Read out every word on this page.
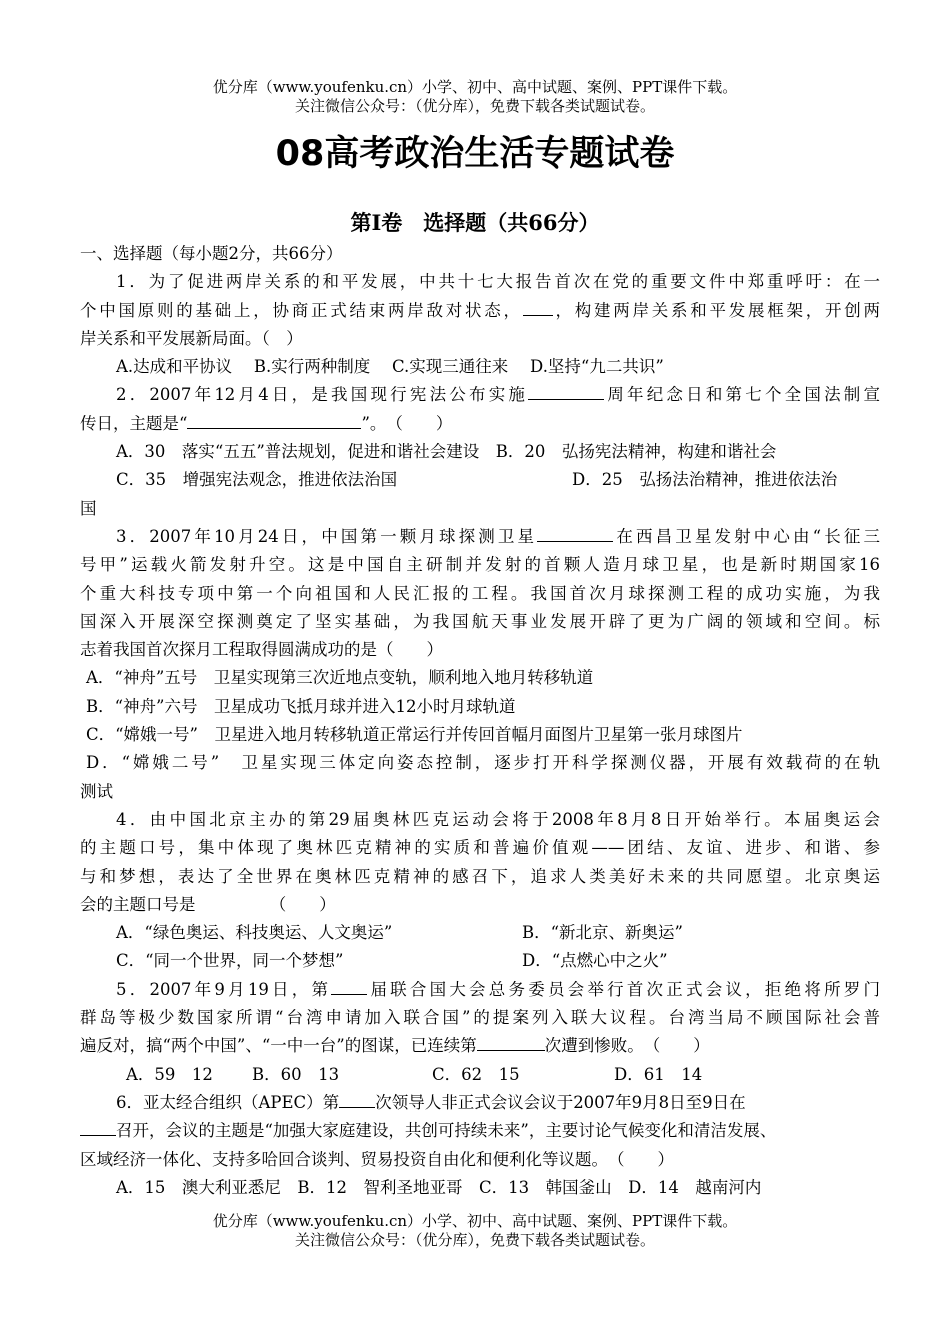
优分库（www.youfenku.cn）小学、初中、高中试题、案例、PPT课件下载。
关注微信公众号：（优分库），免费下载各类试题试卷。
08高考政治生活专题试卷
第Ⅰ卷　选择题（共66分）
一、选择题（每小题2分，共66分）
1．为了促进两岸关系的和平发展，中共十七大报告首次在党的重要文件中郑重呼吁：在一
个中国原则的基础上，协商正式结束两岸敌对状态， ，构建两岸关系和平发展框架，开创两
岸关系和平发展新局面。（　）
A.达成和平协议　 B.实行两种制度　 C.实现三通往来　 D.坚持“九二共识”
2．2007年12月4日，是我国现行宪法公布实施	周年纪念日和第七个全国法制宣
传日，主题是“	”。　（　　）
A．30　落实“五五”普法规划，促进和谐社会建设　B．20　弘扬宪法精神，构建和谐社会
C．35　增强宪法观念，推进依法治国	D．25　弘扬法治精神，推进依法治
国
3．2007年10月24日，中国第一颗月球探测卫星	在西昌卫星发射中心由“长征三
号甲”运载火箭发射升空。这是中国自主研制并发射的首颗人造月球卫星，也是新时期国家16
个重大科技专项中第一个向祖国和人民汇报的工程。我国首次月球探测工程的成功实施，为我
国深入开展深空探测奠定了坚实基础，为我国航天事业发展开辟了更为广阔的领域和空间。标
志着我国首次探月工程取得圆满成功的是（　　）
A．“神舟”五号　卫星实现第三次近地点变轨，顺利地入地月转移轨道
B．“神舟”六号　卫星成功飞抵月球并进入12小时月球轨道
C．“嫦娥一号”　卫星进入地月转移轨道正常运行并传回首幅月面图片卫星第一张月球图片
D．“嫦娥二号”　卫星实现三体定向姿态控制，逐步打开科学探测仪器，开展有效载荷的在轨
测试
4．由中国北京主办的第29届奥林匹克运动会将于2008年8月8日开始举行。本届奥运会
的主题口号，集中体现了奥林匹克精神的实质和普遍价值观——团结、友谊、进步、和谐、参
与和梦想，表达了全世界在奥林匹克精神的感召下，追求人类美好未来的共同愿望。北京奥运
会的主题口号是　　　　　（　　）
A．“绿色奥运、科技奥运、人文奥运”	B．“新北京、新奥运”
C．“同一个世界，同一个梦想”	D．“点燃心中之火”
5．2007年9月19日，第 届联合国大会总务委员会举行首次正式会议，拒绝将所罗门
群岛等极少数国家所谓“台湾申请加入联合国”的提案列入联大议程。台湾当局不顾国际社会普
遍反对，搞“两个中国”、“一中一台”的图谋，已连续第	次遭到惨败。　（　　）
A．59　12 B．60　13	C．62　15	D．61　14
6．亚太经合组织（APEC）第 次领导人非正式会议会议于2007年9月8日至9日在
召开，会议的主题是“加强大家庭建设，共创可持续未来”，主要讨论气候变化和清洁发展、
区域经济一体化、支持多哈回合谈判、贸易投资自由化和便利化等议题。　（　　）
A．15　澳大利亚悉尼　B．12　智利圣地亚哥　C．13　韩国釜山　D．14　越南河内
优分库（www.youfenku.cn）小学、初中、高中试题、案例、PPT课件下载。
关注微信公众号：（优分库），免费下载各类试题试卷。
